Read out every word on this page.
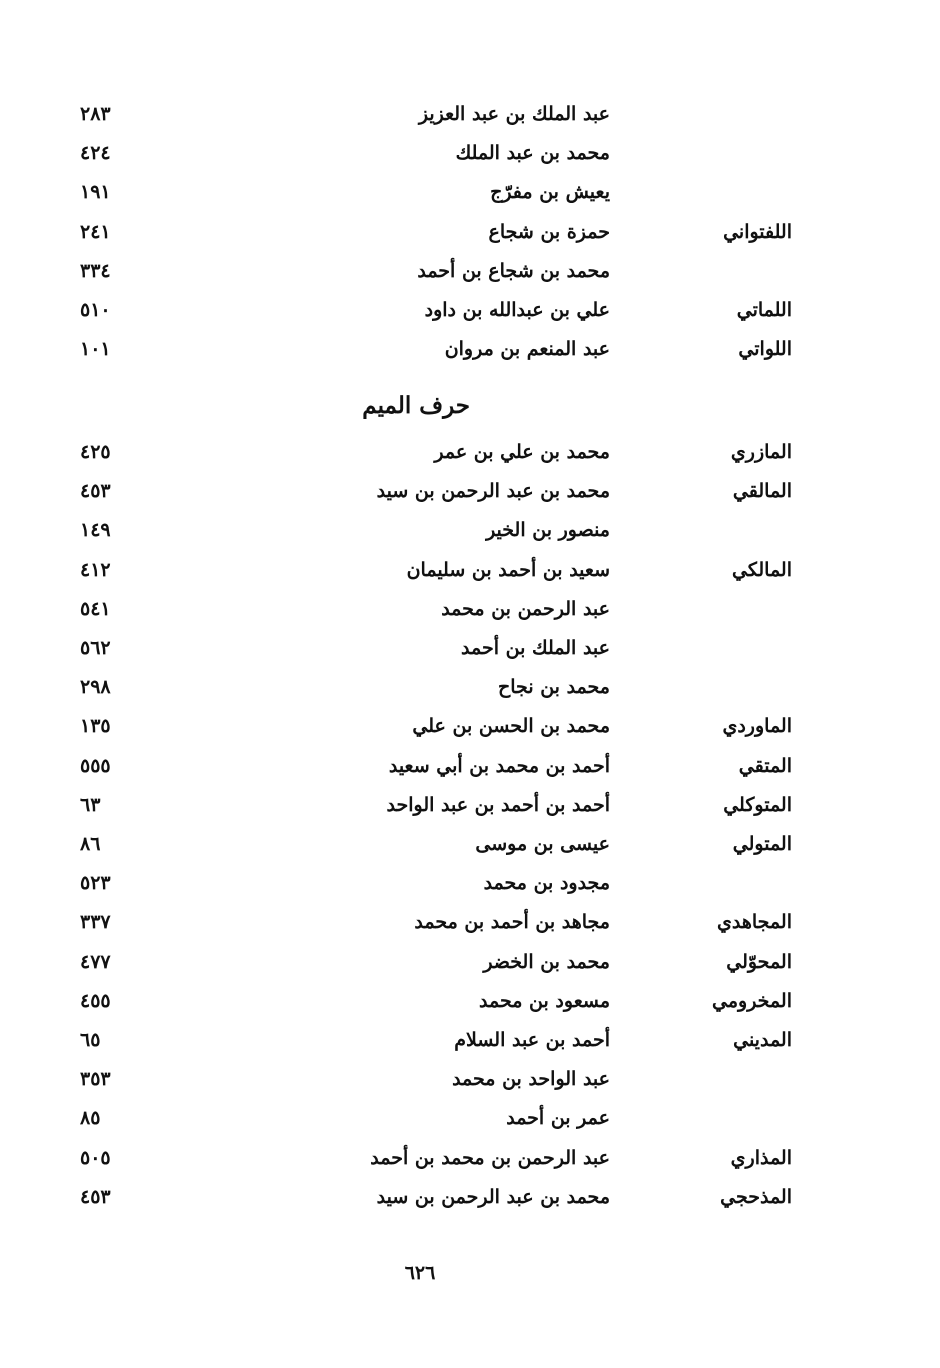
عبد الملك بن عبد العزيز
٢٨٣
محمد بن عبد الملك
٤٢٤
يعيش بن مفرّج
١٩١
اللفتواني
حمزة بن شجاع
٢٤١
محمد بن شجاع بن أحمد
٣٣٤
اللماتي
علي بن عبدالله بن داود
٥١٠
اللواتي
عبد المنعم بن مروان
١٠١
حرف الميم
المازري
محمد بن علي بن عمر
٤٢٥
المالقي
محمد بن عبد الرحمن بن سيد
٤٥٣
منصور بن الخير
١٤٩
المالكي
سعيد بن أحمد بن سليمان
٤١٢
عبد الرحمن بن محمد
٥٤١
عبد الملك بن أحمد
٥٦٢
محمد بن نجاح
٢٩٨
الماوردي
محمد بن الحسن بن علي
١٣٥
المتقي
أحمد بن محمد بن أبي سعيد
٥٥٥
المتوكلي
أحمد بن أحمد بن عبد الواحد
٦٣
المتولي
عيسى بن موسى
٨٦
مجدود بن محمد
٥٢٣
المجاهدي
مجاهد بن أحمد بن محمد
٣٣٧
المحوّلي
محمد بن الخضر
٤٧٧
المخرومي
مسعود بن محمد
٤٥٥
المديني
أحمد بن عبد السلام
٦٥
عبد الواحد بن محمد
٣٥٣
عمر بن أحمد
٨٥
المذاري
عبد الرحمن بن محمد بن أحمد
٥٠٥
المذحجي
محمد بن عبد الرحمن بن سيد
٤٥٣
٦٢٦
